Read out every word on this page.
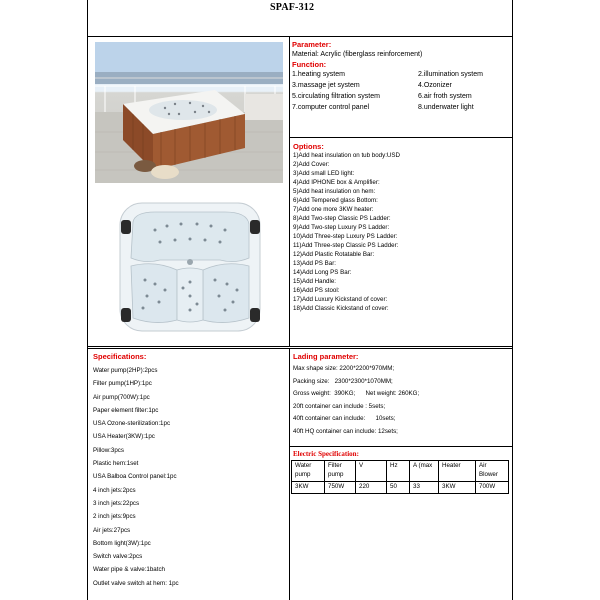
SPAF-312
Parameter:
Material: Acrylic (fiberglass reinforcement)
Function:
1.heating system	2.illumination system
3.massage jet system	4.Ozonizer
5.circulating filtration system	6.air froth system
7.computer control panel	8.underwater light
Options:
1)Add heat insulation on tub body:USD
2)Add Cover:
3)Add small LED light:
4)Add IPHONE box & Amplifier:
5)Add heat insulation on hem:
6)Add Tempered glass Bottom:
7)Add one more 3KW heater:
8)Add Two-step Classic PS Ladder:
9)Add Two-step Luxury PS Ladder:
10)Add Three-step Luxury PS Ladder:
11)Add Three-step Classic PS Ladder:
12)Add Plastic Rotatable Bar:
13)Add PS Bar:
14)Add Long PS Bar:
15)Add Handle:
16)Add PS stool:
17)Add Luxury Kickstand of cover:
18)Add Classic Kickstand of cover:
Specifications:
Water pump(2HP):2pcs
Filter pump(1HP):1pc
Air pump(700W):1pc
Paper element filter:1pc
USA Ozone-sterilization:1pc
USA Heater(3KW):1pc
Pillow:3pcs
Plastic hem:1set
USA Balboa Control panel:1pc
4 inch jets:2pcs
3 inch jets:22pcs
2 inch jets:9pcs
Air jets:27pcs
Bottom light(3W):1pc
Switch valve:2pcs
Water pipe & valve:1batch
Outlet valve switch at hem: 1pc
Lading parameter:
Max shape size: 2200*2200*970MM;
Packing size:   2300*2300*1070MM;
Gross weight:  390KG;      Net weight: 260KG;
20ft container can include : 5sets;
40ft container can include:      10sets;
40ft HQ container can include: 12sets;
Electric Specification:
Water pump	Filter pump	V	Hz	A (max	Heater	Air Blower
3KW	750W	220	50	33	3KW	700W
